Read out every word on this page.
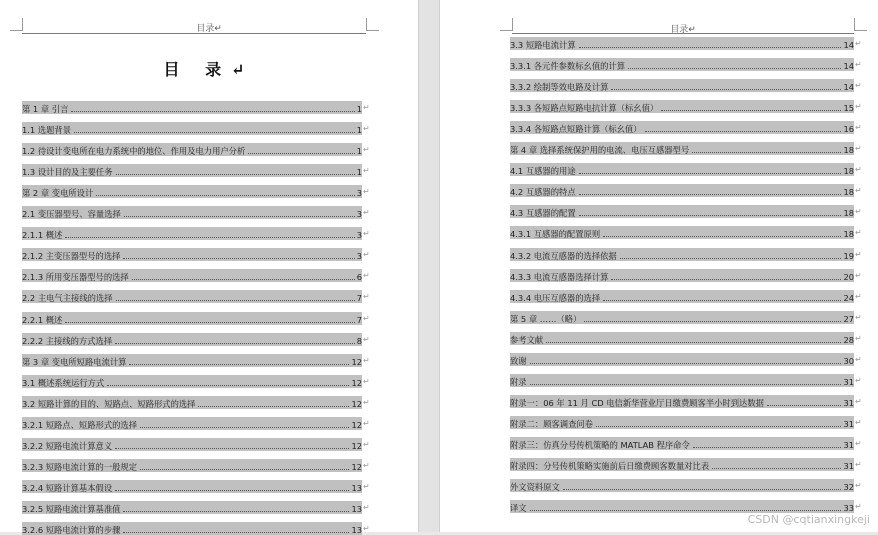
目录↵
目 录↵
第 1 章 引言	1 ↵
1.1 选题背景	1 ↵
1.2 待设计变电所在电力系统中的地位、作用及电力用户分析	1 ↵
1.3 设计目的及主要任务	1 ↵
第 2 章 变电所设计	3 ↵
2.1 变压器型号、容量选择	3 ↵
2.1.1 概述	3 ↵
2.1.2 主变压器型号的选择	3 ↵
2.1.3 所用变压器型号的选择	6 ↵
2.2 主电气主接线的选择	7 ↵
2.2.1 概述	7 ↵
2.2.2 主接线的方式选择	8 ↵
第 3 章 变电所短路电流计算	12 ↵
3.1 概述系统运行方式	12 ↵
3.2 短路计算的目的、短路点、短路形式的选择	12 ↵
3.2.1 短路点、短路形式的选择	12 ↵
3.2.2 短路电流计算意义	12 ↵
3.2.3 短路电流计算的一般规定	12 ↵
3.2.4 短路计算基本假设	13 ↵
3.2.5 短路电流计算基准值	13 ↵
3.2.6 短路电流计算的步骤	13 ↵
目录↵
3.3 短路电流计算	14 ↵
3.3.1 各元件参数标幺值的计算	14 ↵
3.3.2 绘制等效电路及计算	14 ↵
3.3.3 各短路点短路电抗计算（标幺值）	15 ↵
3.3.4 各短路点短路计算（标幺值）	16 ↵
第 4 章 选择系统保护用的电流、电压互感器型号	18 ↵
4.1 互感器的用途	18 ↵
4.2 互感器的特点	18 ↵
4.3 互感器的配置	18 ↵
4.3.1 互感器的配置原则	18 ↵
4.3.2 电流互感器的选择依据	19 ↵
4.3.3 电流互感器选择计算	20 ↵
4.3.4 电压互感器的选择	24 ↵
第 5 章 ……（略）	27 ↵
参考文献	28 ↵
致谢	30 ↵
附录	31 ↵
附录一：06 年 11 月 CD 电信新华营业厅日缴费顾客半小时到达数据	31 ↵
附录二：顾客调查问卷	31 ↵
附录三：仿真分号传机策略的 MATLAB 程序命令	31 ↵
附录四：分号传机策略实施前后日缴费顾客数量对比表	31 ↵
外文资料原文	32 ↵
译文	33 ↵
CSDN @cqtianxingkeji
